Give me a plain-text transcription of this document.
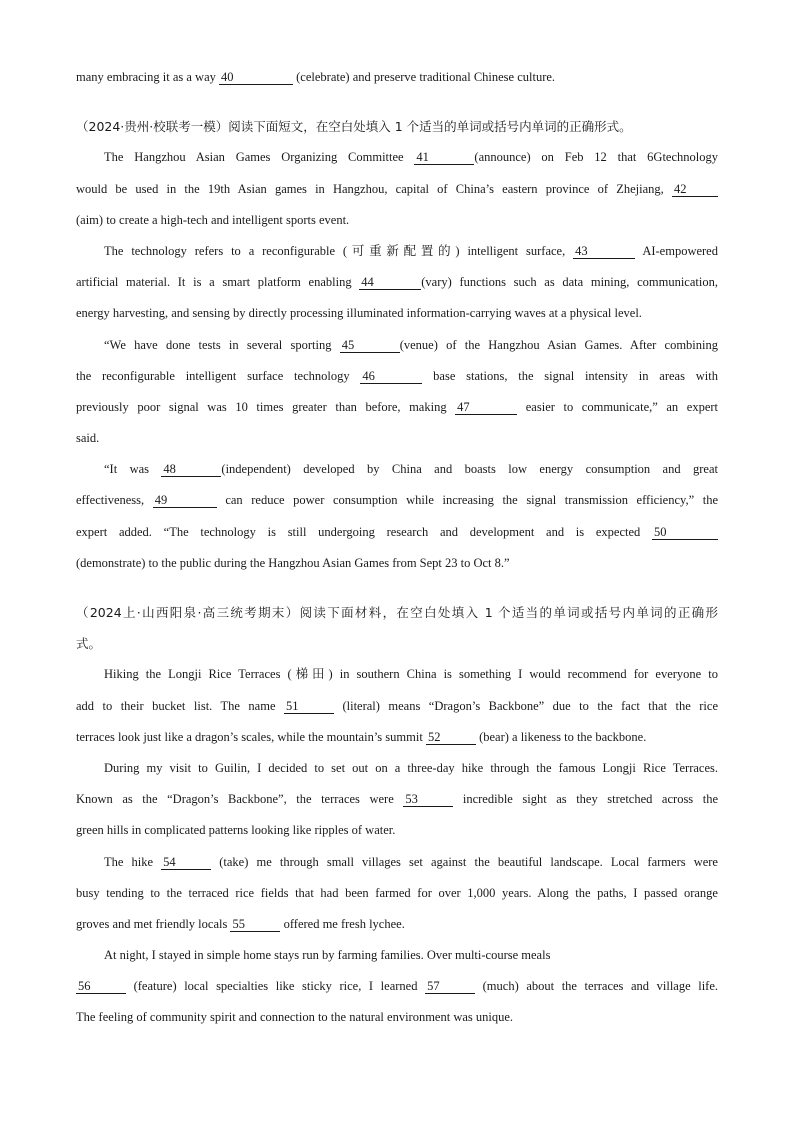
many embracing it as a way 40	(celebrate) and preserve traditional Chinese culture.
（2024·贵州·校联考一模）阅读下面短文，在空白处填入 1 个适当的单词或括号内单词的正确形式。
The Hangzhou Asian Games Organizing Committee 41	(announce) on Feb 12 that 6Gtechnology
would be used in the 19th Asian games in Hangzhou, capital of China’s eastern province of Zhejiang, 42
(aim) to create a high-tech and intelligent sports event.
The technology refers to a reconfigurable (可重新配置的) intelligent surface, 43	AI-empowered
artificial material. It is a smart platform enabling 44	(vary) functions such as data mining, communication,
energy harvesting, and sensing by directly processing illuminated information-carrying waves at a physical level.
“We have done tests in several sporting 45	(venue) of the Hangzhou Asian Games. After combining
the reconfigurable intelligent surface technology 46	base stations, the signal intensity in areas with
previously poor signal was 10 times greater than before, making 47	easier to communicate,” an expert
said.
“It was 48	(independent) developed by China and boasts low energy consumption and great
effectiveness, 49	can reduce power consumption while increasing the signal transmission efficiency,” the
expert added. “The technology is still undergoing research and development and is expected 50
(demonstrate) to the public during the Hangzhou Asian Games from Sept 23 to Oct 8.”
（2024上·山西阳泉·高三统考期末）阅读下面材料，在空白处填入 1 个适当的单词或括号内单词的正确形
式。
Hiking the Longji Rice Terraces (梯田) in southern China is something I would recommend for everyone to
add to their bucket list. The name 51	(literal) means “Dragon’s Backbone” due to the fact that the rice
terraces look just like a dragon’s scales, while the mountain’s summit 52	(bear) a likeness to the backbone.
During my visit to Guilin, I decided to set out on a three-day hike through the famous Longji Rice Terraces.
Known as the “Dragon’s Backbone”, the terraces were 53	incredible sight as they stretched across the
green hills in complicated patterns looking like ripples of water.
The hike 54	(take) me through small villages set against the beautiful landscape. Local farmers were
busy tending to the terraced rice fields that had been farmed for over 1,000 years. Along the paths, I passed orange
groves and met friendly locals 55	offered me fresh lychee.
At night, I stayed in simple home stays run by farming families. Over multi-course meals
56	(feature) local specialties like sticky rice, I learned 57	(much) about the terraces and village life.
The feeling of community spirit and connection to the natural environment was unique.
